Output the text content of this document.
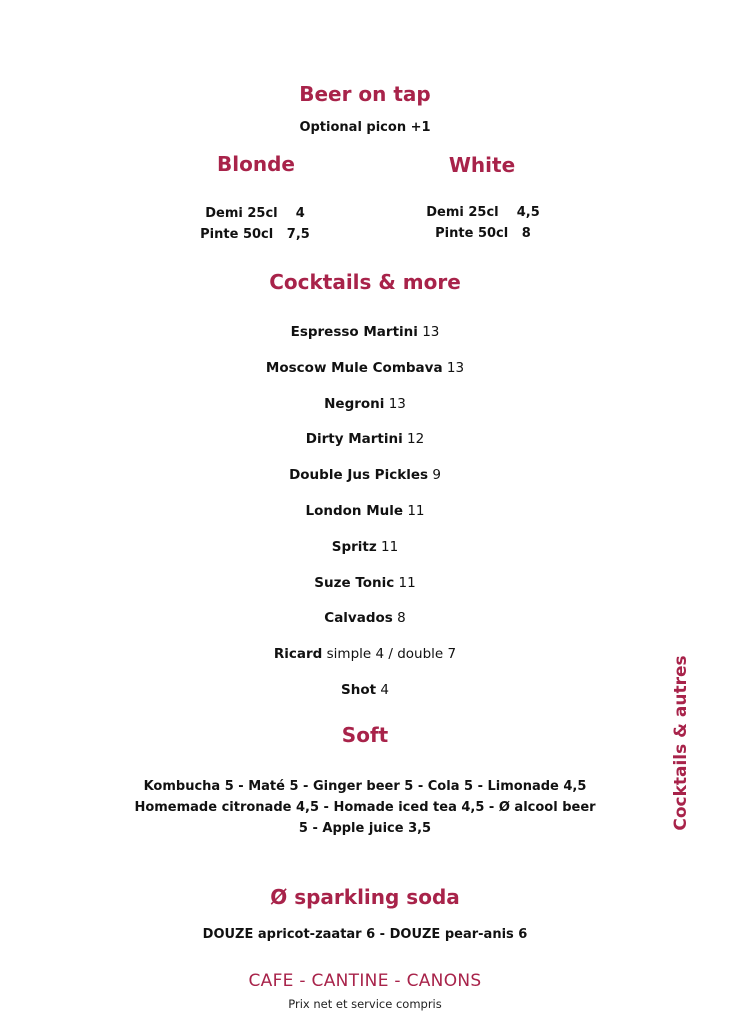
Beer on tap
Optional picon +1
Blonde	White
Demi 25cl 4
Pinte 50cl 7,5
Demi 25cl 4,5
Pinte 50cl 8
Cocktails & more
Espresso Martini 13
Moscow Mule Combava 13
Negroni 13
Dirty Martini 12
Double Jus Pickles 9
London Mule 11
Spritz 11
Suze Tonic 11
Calvados 8
Ricard simple 4 / double 7
Shot 4
Soft
Kombucha 5 - Maté 5 - Ginger beer 5 - Cola 5 - Limonade 4,5
Homemade citronade 4,5 - Homade iced tea 4,5 - Ø alcool beer
5 - Apple juice 3,5
Ø sparkling soda
DOUZE apricot-zaatar 6 - DOUZE pear-anis 6
CAFE - CANTINE - CANONS
Prix net et service compris
Cocktails & autres
